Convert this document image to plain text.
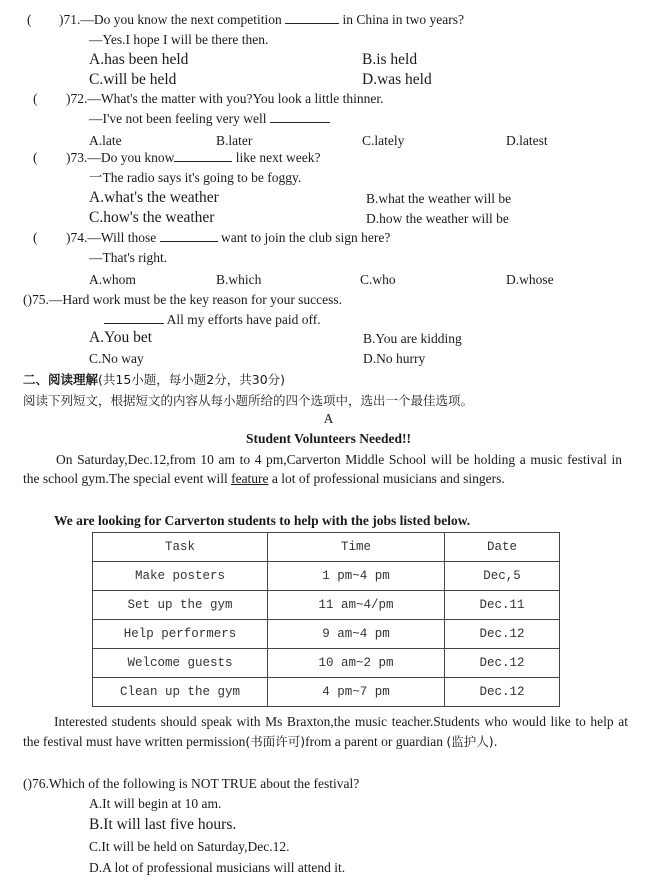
( )71.—Do you know the next competition	in China in two years?
—Yes.I hope I will be there then.
A.has been held	B.is held
C.will be held	D.was held
( )72.—What's the matter with you?You look a little thinner.
—I've not been feeling very well
A.late	B.later	C.lately	D.latest
( )73.—Do you know	like next week?
一The radio says it's going to be foggy.
A.what's the weather	B.what the weather will be
C.how's the weather	D.how the weather will be
( )74.—Will those	want to join the club sign here?
—That's right.
A.whom	B.which	C.who	D.whose
()75.—Hard work must be the key reason for your success.
All my efforts have paid off.
A.You bet	B.You are kidding
C.No way	D.No hurry
二、阅读理解(共15小题，每小题2分，共30分)
阅读下列短文，根据短文的内容从每小题所给的四个选项中，选出一个最佳选项。
A
Student Volunteers Needed!!
On Saturday,Dec.12,from 10 am to 4 pm,Carverton Middle School will be holding a music festival in the school gym.The special event will feature a lot of professional musicians and singers.
We are looking for Carverton students to help with the jobs listed below.
Task	Time	Date
Make posters	1 pm~4 pm	Dec,5
Set up the gym	11 am~4/pm	Dec.11
Help performers	9 am~4 pm	Dec.12
Welcome guests	10 am~2 pm	Dec.12
Clean up the gym	4 pm~7 pm	Dec.12
Interested students should speak with Ms Braxton,the music teacher.Students who would like to help at the festival must have written permission(书面许可)from a parent or guardian (监护人).
()76.Which of the following is NOT TRUE about the festival?
A.It will begin at 10 am.
B.It will last five hours.
C.It will be held on Saturday,Dec.12.
D.A lot of professional musicians will attend it.
